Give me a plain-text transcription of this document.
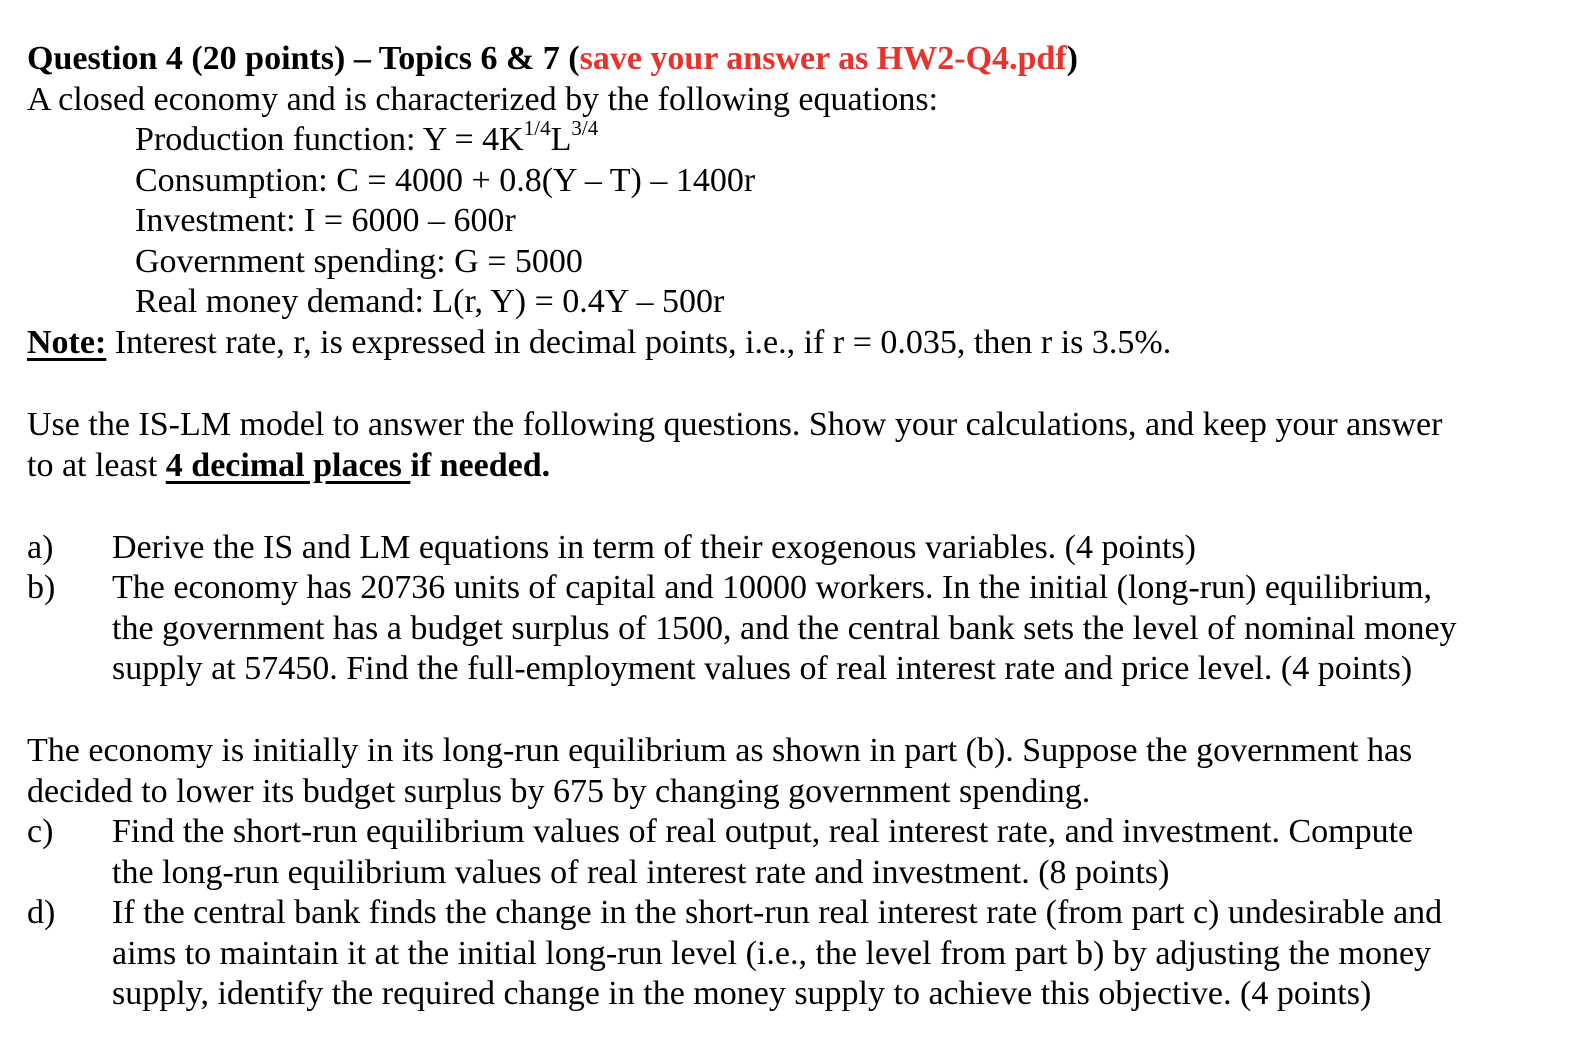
Question 4 (20 points) – Topics 6 & 7 (save your answer as HW2-Q4.pdf)
A closed economy and is characterized by the following equations:
Production function: $Y = 4K^{1/4}L^{3/4}$
Consumption: C = 4000 + 0.8(Y – T) – 1400r
Investment: I = 6000 – 600r
Government spending: G = 5000
Real money demand: L(r, Y) = 0.4Y – 500r
Note: Interest rate, r, is expressed in decimal points, i.e., if r = 0.035, then r is 3.5%.
Use the IS-LM model to answer the following questions. Show your calculations, and keep your answer
to at least 4 decimal places if needed.
a) Derive the IS and LM equations in term of their exogenous variables. (4 points)
b) The economy has 20736 units of capital and 10000 workers. In the initial (long-run) equilibrium,
the government has a budget surplus of 1500, and the central bank sets the level of nominal money
supply at 57450. Find the full-employment values of real interest rate and price level. (4 points)
The economy is initially in its long-run equilibrium as shown in part (b). Suppose the government has
decided to lower its budget surplus by 675 by changing government spending.
c) Find the short-run equilibrium values of real output, real interest rate, and investment. Compute
the long-run equilibrium values of real interest rate and investment. (8 points)
d) If the central bank finds the change in the short-run real interest rate (from part c) undesirable and
aims to maintain it at the initial long-run level (i.e., the level from part b) by adjusting the money
supply, identify the required change in the money supply to achieve this objective. (4 points)
